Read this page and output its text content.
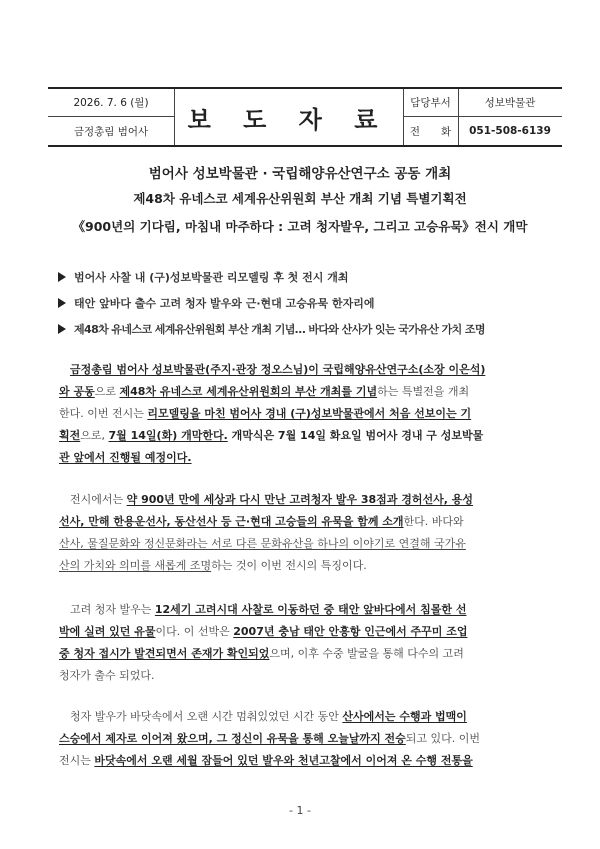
2026. 7. 6 (월)
금정총림 범어사	보 도 자 료
담당부서	성보박물관
전　　화	051-508-6139
범어사 성보박물관 · 국립해양유산연구소 공동 개최
제48차 유네스코 세계유산위원회 부산 개최 기념 특별기획전
《900년의 기다림, 마침내 마주하다 : 고려 청자발우, 그리고 고승유묵》전시 개막
범어사 사찰 내 (구)성보박물관 리모델링 후 첫 전시 개최
태안 앞바다 출수 고려 청자 발우와 근·현대 고승유묵 한자리에
제48차 유네스코 세계유산위원회 부산 개최 기념… 바다와 산사가 잇는 국가유산 가치 조명
 금정총림 범어사 성보박물관(주지·관장 정오스님)이 국립해양유산연구소(소장 이은석)
와 공동으로 제48차 유네스코 세계유산위원회의 부산 개최를 기념하는 특별전을 개최
한다. 이번 전시는 리모델링을 마친 범어사 경내 (구)성보박물관에서 처음 선보이는 기
획전으로, 7월 14일(화) 개막한다. 개막식은 7월 14일 화요일 범어사 경내 구 성보박물
관 앞에서 진행될 예정이다.
 전시에서는 약 900년 만에 세상과 다시 만난 고려청자 발우 38점과 경허선사, 용성
선사, 만해 한용운선사, 동산선사 등 근·현대 고승들의 유묵을 함께 소개한다. 바다와
산사, 물질문화와 정신문화라는 서로 다른 문화유산을 하나의 이야기로 연결해 국가유
산의 가치와 의미를 새롭게 조명하는 것이 이번 전시의 특징이다.
 고려 청자 발우는 12세기 고려시대 사찰로 이동하던 중 태안 앞바다에서 침몰한 선
박에 실려 있던 유물이다. 이 선박은 2007년 충남 태안 안흥항 인근에서 주꾸미 조업
중 청자 접시가 발견되면서 존재가 확인되었으며, 이후 수중 발굴을 통해 다수의 고려
청자가 출수 되었다.
 청자 발우가 바닷속에서 오랜 시간 멈춰있었던 시간 동안 산사에서는 수행과 법맥이
스승에서 제자로 이어져 왔으며, 그 정신이 유묵을 통해 오늘날까지 전승되고 있다. 이번
전시는 바닷속에서 오랜 세월 잠들어 있던 발우와 천년고찰에서 이어져 온 수행 전통을
- 1 -
